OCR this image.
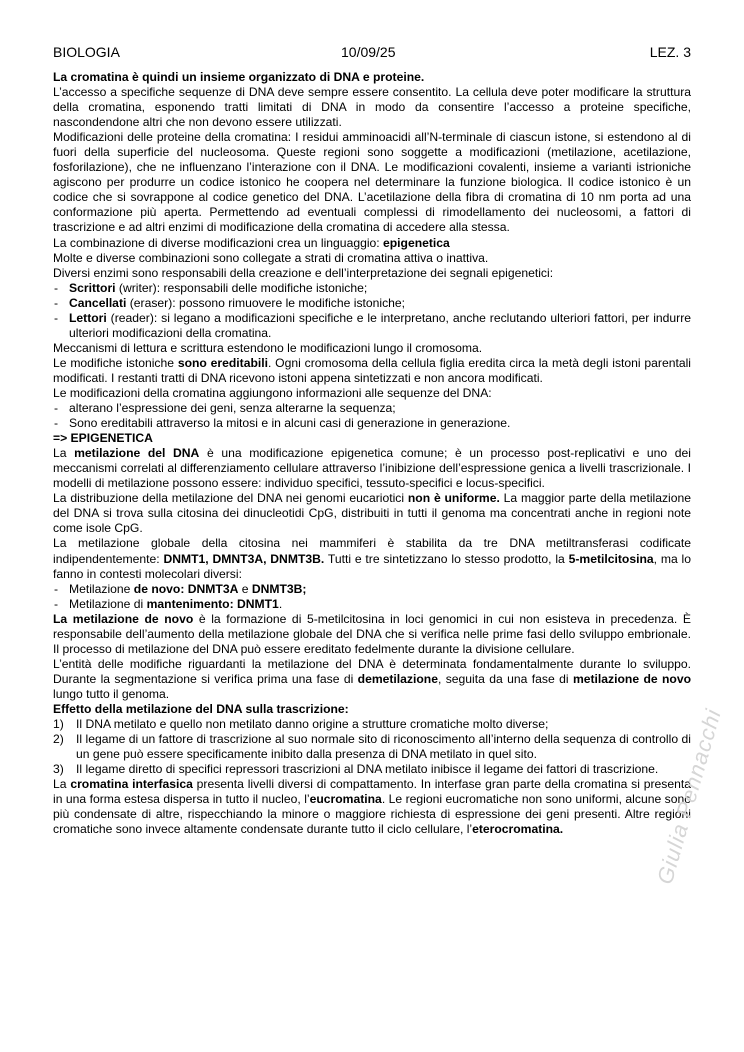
BIOLOGIA	10/09/25	LEZ. 3

La cromatina è quindi un insieme organizzato di DNA e proteine.

L’accesso a specifiche sequenze di DNA deve sempre essere consentito. La cellula deve poter modificare la struttura della cromatina, esponendo tratti limitati di DNA in modo da consentire l’accesso a proteine specifiche, nascondendone altri che non devono essere utilizzati.

Modificazioni delle proteine della cromatina: I residui amminoacidi all’N-terminale di ciascun istone, si estendono al di fuori della superficie del nucleosoma. Queste regioni sono soggette a modificazioni (metilazione, acetilazione, fosforilazione), che ne influenzano l’interazione con il DNA. Le modificazioni covalenti, insieme a varianti istrioniche agiscono per produrre un codice istonico he coopera nel determinare la funzione biologica. Il codice istonico è un codice che si sovrappone al codice genetico del DNA. L’acetilazione della fibra di cromatina di 10 nm porta ad una conformazione più aperta. Permettendo ad eventuali complessi di rimodellamento dei nucleosomi, a fattori di trascrizione e ad altri enzimi di modificazione della cromatina di accedere alla stessa.

La combinazione di diverse modificazioni crea un linguaggio: epigenetica

Molte e diverse combinazioni sono collegate a strati di cromatina attiva o inattiva.

Diversi enzimi sono responsabili della creazione e dell’interpretazione dei segnali epigenetici:

- Scrittori (writer): responsabili delle modifiche istoniche;
- Cancellati (eraser): possono rimuovere le modifiche istoniche;
- Lettori (reader): si legano a modificazioni specifiche e le interpretano, anche reclutando ulteriori fattori, per indurre ulteriori modificazioni della cromatina.

Meccanismi di lettura e scrittura estendono le modificazioni lungo il cromosoma.

Le modifiche istoniche sono ereditabili. Ogni cromosoma della cellula figlia eredita circa la metà degli istoni parentali modificati. I restanti tratti di DNA ricevono istoni appena sintetizzati e non ancora modificati.

Le modificazioni della cromatina aggiungono informazioni alle sequenze del DNA:

- alterano l’espressione dei geni, senza alterarne la sequenza;
- Sono ereditabili attraverso la mitosi e in alcuni casi di generazione in generazione.

=> EPIGENETICA

La metilazione del DNA è una modificazione epigenetica comune; è un processo post-replicativi e uno dei meccanismi correlati al differenziamento cellulare attraverso l’inibizione dell’espressione genica a livelli trascrizionale. I modelli di metilazione possono essere: individuo specifici, tessuto-specifici e locus-specifici.

La distribuzione della metilazione del DNA nei genomi eucariotici non è uniforme. La maggior parte della metilazione del DNA si trova sulla citosina dei dinucleotidi CpG, distribuiti in tutti il genoma ma concentrati anche in regioni note come isole CpG.

La metilazione globale della citosina nei mammiferi è stabilita da tre DNA metiltransferasi codificate indipendentemente: DNMT1, DMNT3A, DNMT3B. Tutti e tre sintetizzano lo stesso prodotto, la 5-metilcitosina, ma lo fanno in contesti molecolari diversi:

- Metilazione de novo: DNMT3A e DNMT3B;
- Metilazione di mantenimento: DNMT1.

La metilazione de novo è la formazione di 5-metilcitosina in loci genomici in cui non esisteva in precedenza. È responsabile dell’aumento della metilazione globale del DNA che si verifica nelle prime fasi dello sviluppo embrionale. Il processo di metilazione del DNA può essere ereditato fedelmente durante la divisione cellulare.

L’entità delle modifiche riguardanti la metilazione del DNA è determinata fondamentalmente durante lo sviluppo. Durante la segmentazione si verifica prima una fase di demetilazione, seguita da una fase di metilazione de novo lungo tutto il genoma.

Effetto della metilazione del DNA sulla trascrizione:

1) Il DNA metilato e quello non metilato danno origine a strutture cromatiche molto diverse;
2) Il legame di un fattore di trascrizione al suo normale sito di riconoscimento all’interno della sequenza di controllo di un gene può essere specificamente inibito dalla presenza di DNA metilato in quel sito.
3) Il legame diretto di specifici repressori trascrizioni al DNA metilato inibisce il legame dei fattori di trascrizione.

La cromatina interfasica presenta livelli diversi di compattamento. In interfase gran parte della cromatina si presenta in una forma estesa dispersa in tutto il nucleo, l’eucromatina. Le regioni eucromatiche non sono uniformi, alcune sono più condensate di altre, rispecchiando la minore o maggiore richiesta di espressione dei geni presenti. Altre regioni cromatiche sono invece altamente condensate durante tutto il ciclo cellulare, l’eterocromatina.	Giulia Pennacchi
